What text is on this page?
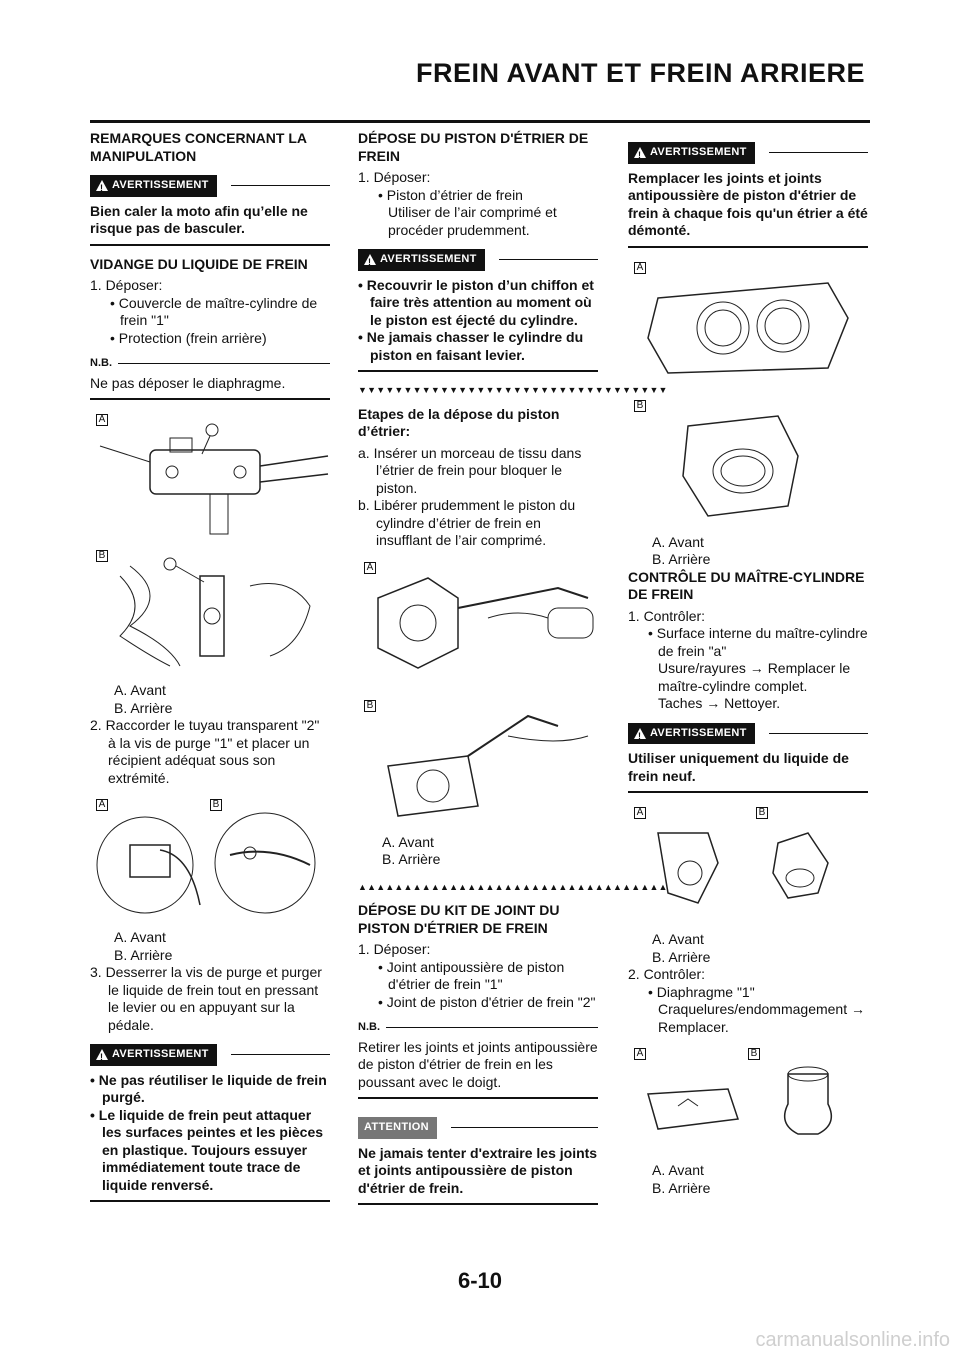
FREIN AVANT ET FREIN ARRIERE

REMARQUES CONCERNANT LA MANIPULATION

!
AVERTISSEMENT

Bien caler la moto afin qu’elle ne risque pas de basculer.

VIDANGE DU LIQUIDE DE FREIN

1. Déposer:

• Couvercle de maître-cylindre de frein "1"

• Protection (frein arrière)

N.B.

Ne pas déposer le diaphragme.

A
B

A. Avant

B. Arrière

2. Raccorder le tuyau transparent "2" à la vis de purge "1" et placer un récipient adéquat sous son extrémité.

A	B

A. Avant

B. Arrière

3. Desserrer la vis de purge et purger le liquide de frein tout en pressant le levier ou en appuyant sur la pédale.

!
AVERTISSEMENT

• Ne pas réutiliser le liquide de frein purgé.

• Le liquide de frein peut attaquer les surfaces peintes et les pièces en plastique. Toujours essuyer immédiatement toute trace de liquide renversé.

DÉPOSE DU PISTON D'ÉTRIER DE FREIN

1. Déposer:

• Piston d’étrier de frein

Utiliser de l’air comprimé et procéder prudemment.

!
AVERTISSEMENT

• Recouvrir le piston d’un chiffon et faire très attention au moment où le piston est éjecté du cylindre.

• Ne jamais chasser le cylindre du piston en faisant levier.

▼▼▼▼▼▼▼▼▼▼▼▼▼▼▼▼▼▼▼▼▼▼▼▼▼▼▼▼▼▼▼▼▼▼

Etapes de la dépose du piston d’étrier:

a. Insérer un morceau de tissu dans l’étrier de frein pour bloquer le piston.

b. Libérer prudemment le piston du cylindre d’étrier de frein en insufflant de l’air comprimé.

A
B

A. Avant

B. Arrière

▲▲▲▲▲▲▲▲▲▲▲▲▲▲▲▲▲▲▲▲▲▲▲▲▲▲▲▲▲▲▲▲▲▲

DÉPOSE DU KIT DE JOINT DU PISTON D'ÉTRIER DE FREIN

1. Déposer:

• Joint antipoussière de piston d'étrier de frein "1"

• Joint de piston d'étrier de frein "2"

N.B.

Retirer les joints et joints antipoussière de piston d'étrier de frein en les poussant avec le doigt.

ATTENTION

Ne jamais tenter d'extraire les joints et joints antipoussière de piston d'étrier de frein.

!
AVERTISSEMENT

Remplacer les joints et joints antipoussière de piston d'étrier de frein à chaque fois qu'un étrier a été démonté.

A
B

A. Avant

B. Arrière

CONTRÔLE DU MAÎTRE-CYLINDRE DE FREIN

1. Contrôler:

• Surface interne du maître-cylindre de frein "a"

Usure/rayures → Remplacer le maître-cylindre complet.

Taches → Nettoyer.

!
AVERTISSEMENT

Utiliser uniquement du liquide de frein neuf.

A	B

A. Avant

B. Arrière

2. Contrôler:

• Diaphragme "1"

Craquelures/endommagement → Remplacer.

A	B

A. Avant

B. Arrière

6-10
carmanualsonline.info
